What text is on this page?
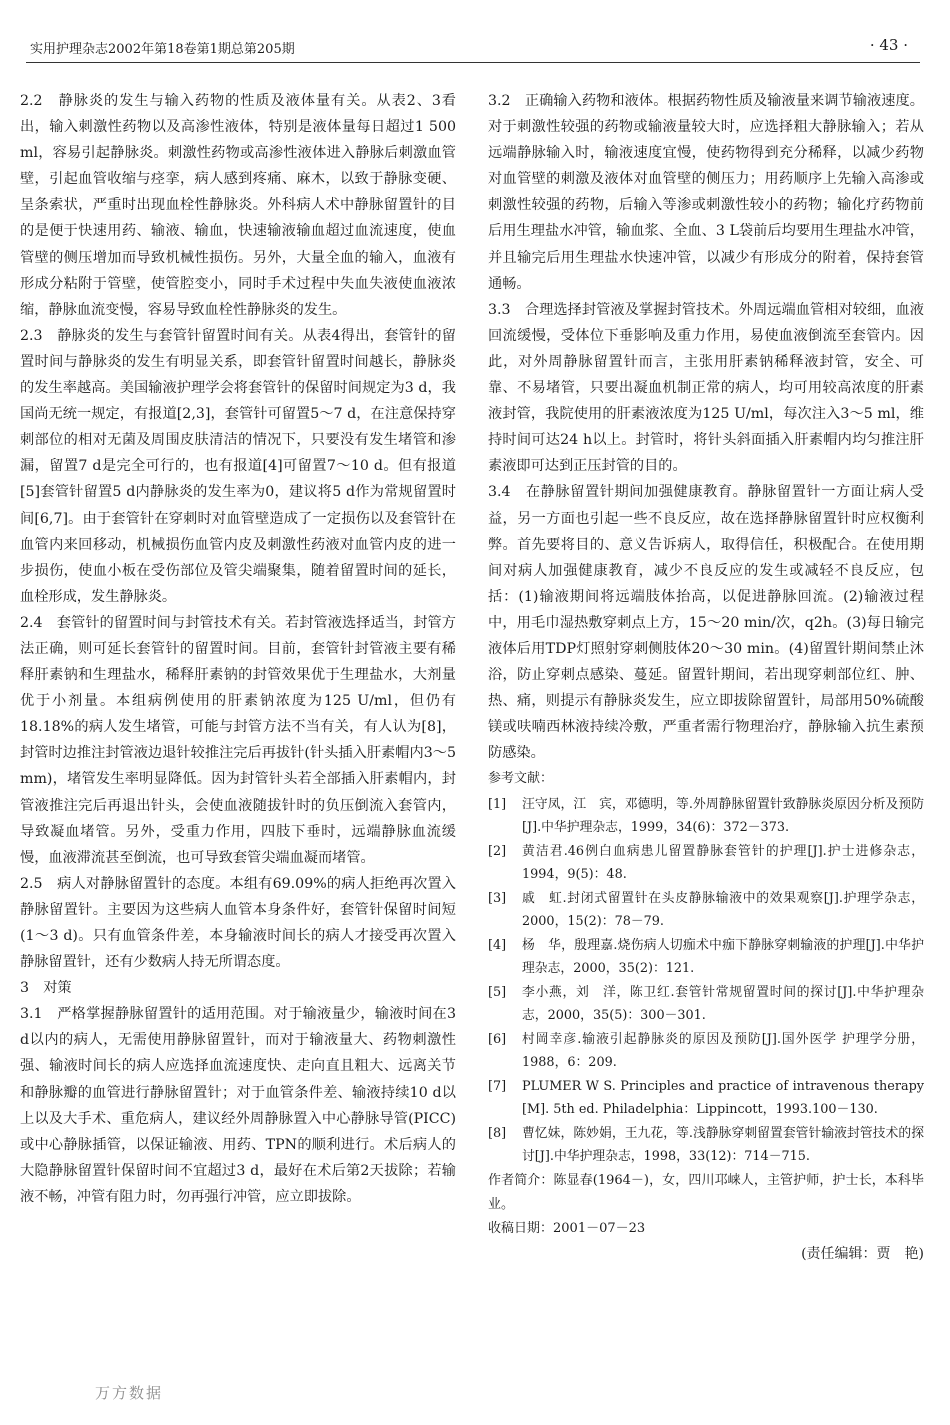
实用护理杂志2002年第18卷第1期总第205期	· 43 ·

2.2　静脉炎的发生与输入药物的性质及液体量有关。从表2、3看出，输入刺激性药物以及高渗性液体，特别是液体量每日超过1 500 ml，容易引起静脉炎。刺激性药物或高渗性液体进入静脉后刺激血管壁，引起血管收缩与痉挛，病人感到疼痛、麻木，以致于静脉变硬、呈条索状，严重时出现血栓性静脉炎。外科病人术中静脉留置针的目的是便于快速用药、输液、输血，快速输液输血超过血流速度，使血管壁的侧压增加而导致机械性损伤。另外，大量全血的输入，血液有形成分粘附于管壁，使管腔变小，同时手术过程中失血失液使血液浓缩，静脉血流变慢，容易导致血栓性静脉炎的发生。

2.3　静脉炎的发生与套管针留置时间有关。从表4得出，套管针的留置时间与静脉炎的发生有明显关系，即套管针留置时间越长，静脉炎的发生率越高。美国输液护理学会将套管针的保留时间规定为3 d，我国尚无统一规定，有报道[2,3]，套管针可留置5～7 d，在注意保持穿刺部位的相对无菌及周围皮肤清洁的情况下，只要没有发生堵管和渗漏，留置7 d是完全可行的，也有报道[4]可留置7～10 d。但有报道[5]套管针留置5 d内静脉炎的发生率为0，建议将5 d作为常规留置时间[6,7]。由于套管针在穿刺时对血管壁造成了一定损伤以及套管针在血管内来回移动，机械损伤血管内皮及刺激性药液对血管内皮的进一步损伤，使血小板在受伤部位及管尖端聚集，随着留置时间的延长，血栓形成，发生静脉炎。

2.4　套管针的留置时间与封管技术有关。若封管液选择适当，封管方法正确，则可延长套管针的留置时间。目前，套管针封管液主要有稀释肝素钠和生理盐水，稀释肝素钠的封管效果优于生理盐水，大剂量优于小剂量。本组病例使用的肝素钠浓度为125 U/ml，但仍有18.18%的病人发生堵管，可能与封管方法不当有关，有人认为[8]，封管时边推注封管液边退针较推注完后再拔针(针头插入肝素帽内3～5 mm)，堵管发生率明显降低。因为封管针头若全部插入肝素帽内，封管液推注完后再退出针头，会使血液随拔针时的负压倒流入套管内，导致凝血堵管。另外，受重力作用，四肢下垂时，远端静脉血流缓慢，血液滞流甚至倒流，也可导致套管尖端血凝而堵管。

2.5　病人对静脉留置针的态度。本组有69.09%的病人拒绝再次置入静脉留置针。主要因为这些病人血管本身条件好，套管针保留时间短(1～3 d)。只有血管条件差，本身输液时间长的病人才接受再次置入静脉留置针，还有少数病人持无所谓态度。

3　对策

3.1　严格掌握静脉留置针的适用范围。对于输液量少，输液时间在3 d以内的病人，无需使用静脉留置针，而对于输液量大、药物刺激性强、输液时间长的病人应选择血流速度快、走向直且粗大、远离关节和静脉瓣的血管进行静脉留置针；对于血管条件差、输液持续10 d以上以及大手术、重危病人，建议经外周静脉置入中心静脉导管(PICC)或中心静脉插管，以保证输液、用药、TPN的顺利进行。术后病人的大隐静脉留置针保留时间不宜超过3 d，最好在术后第2天拔除；若输液不畅，冲管有阻力时，勿再强行冲管，应立即拔除。

3.2　正确输入药物和液体。根据药物性质及输液量来调节输液速度。对于刺激性较强的药物或输液量较大时，应选择粗大静脉输入；若从远端静脉输入时，输液速度宜慢，使药物得到充分稀释，以减少药物对血管壁的刺激及液体对血管壁的侧压力；用药顺序上先输入高渗或刺激性较强的药物，后输入等渗或刺激性较小的药物；输化疗药物前后用生理盐水冲管，输血浆、全血、3 L袋前后均要用生理盐水冲管，并且输完后用生理盐水快速冲管，以减少有形成分的附着，保持套管通畅。

3.3　合理选择封管液及掌握封管技术。外周远端血管相对较细，血液回流缓慢，受体位下垂影响及重力作用，易使血液倒流至套管内。因此，对外周静脉留置针而言，主张用肝素钠稀释液封管，安全、可靠、不易堵管，只要出凝血机制正常的病人，均可用较高浓度的肝素液封管，我院使用的肝素液浓度为125 U/ml，每次注入3～5 ml，维持时间可达24 h以上。封管时，将针头斜面插入肝素帽内均匀推注肝素液即可达到正压封管的目的。

3.4　在静脉留置针期间加强健康教育。静脉留置针一方面让病人受益，另一方面也引起一些不良反应，故在选择静脉留置针时应权衡利弊。首先要将目的、意义告诉病人，取得信任，积极配合。在使用期间对病人加强健康教育，减少不良反应的发生或减轻不良反应，包括：(1)输液期间将远端肢体抬高，以促进静脉回流。(2)输液过程中，用毛巾湿热敷穿刺点上方，15～20 min/次，q2h。(3)每日输完液体后用TDP灯照射穿刺侧肢体20～30 min。(4)留置针期间禁止沐浴，防止穿刺点感染、蔓延。留置针期间，若出现穿刺部位红、肿、热、痛，则提示有静脉炎发生，应立即拔除留置针，局部用50%硫酸镁或呋喃西林液持续冷敷，严重者需行物理治疗，静脉输入抗生素预防感染。

参考文献：

[1]	汪守凤，江　宾，邓德明，等.外周静脉留置针致静脉炎原因分析及预防[J].中华护理杂志，1999，34(6)：372－373.
[2]	黄洁君.46例白血病患儿留置静脉套管针的护理[J].护士进修杂志，1994，9(5)：48.
[3]	戚　虹.封闭式留置针在头皮静脉输液中的效果观察[J].护理学杂志，2000，15(2)：78－79.
[4]	杨　华，殷理嘉.烧伤病人切痂术中痂下静脉穿刺输液的护理[J].中华护理杂志，2000，35(2)：121.
[5]	李小燕，刘　洋，陈卫红.套管针常规留置时间的探讨[J].中华护理杂志，2000，35(5)：300－301.
[6]	村岡幸彦.输液引起静脉炎的原因及预防[J].国外医学 护理学分册，1988，6：209.
[7]	PLUMER W S. Principles and practice of intravenous therapy [M]. 5th ed. Philadelphia：Lippincott，1993.100－130.
[8]	曹忆妹，陈妙娟，王九花，等.浅静脉穿刺留置套管针输液封管技术的探讨[J].中华护理杂志，1998，33(12)：714－715.

作者简介：陈显春(1964－)，女，四川邛崃人，主管护师，护士长，本科毕业。

收稿日期：2001－07－23

(责任编辑：贾　艳)

万方数据
